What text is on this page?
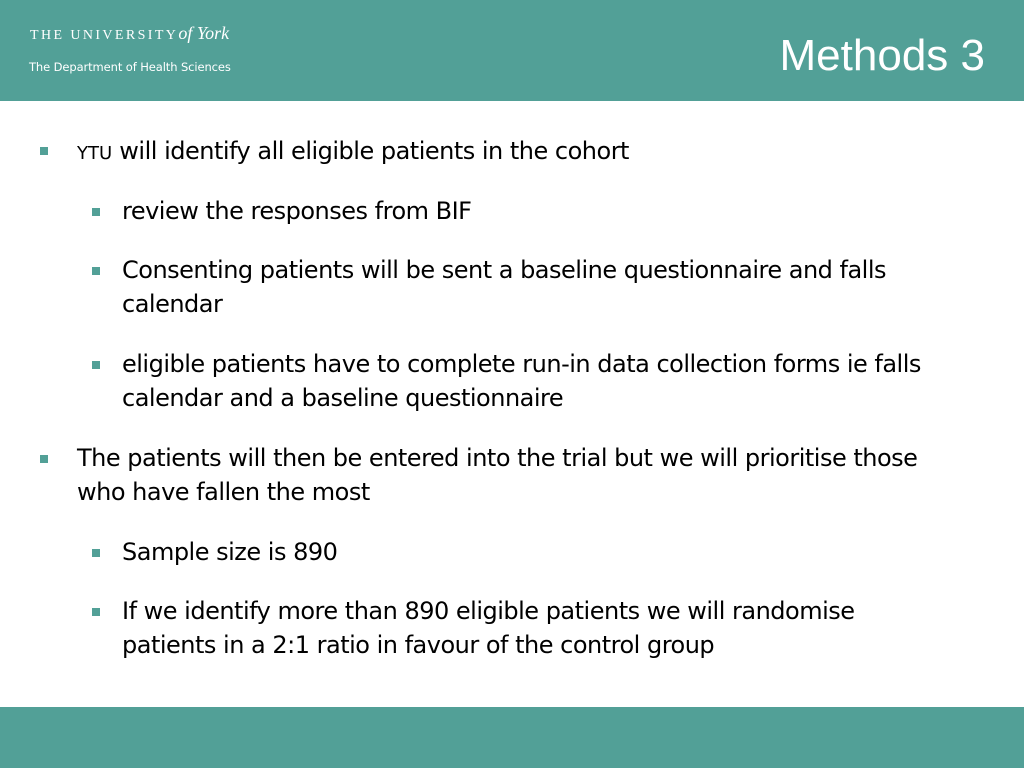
THE UNIVERSITYof York
The Department of Health Sciences	Methods 3
YTU will identify all eligible patients in the cohort
review the responses from BIF
Consenting patients will be sent a baseline questionnaire and falls calendar
eligible patients have to complete run-in data collection forms ie falls calendar and a baseline questionnaire
The patients will then be entered into the trial but we will prioritise those who have fallen the most
Sample size is 890
If we identify more than 890 eligible patients we will randomise patients in a 2:1 ratio in favour of the control group
